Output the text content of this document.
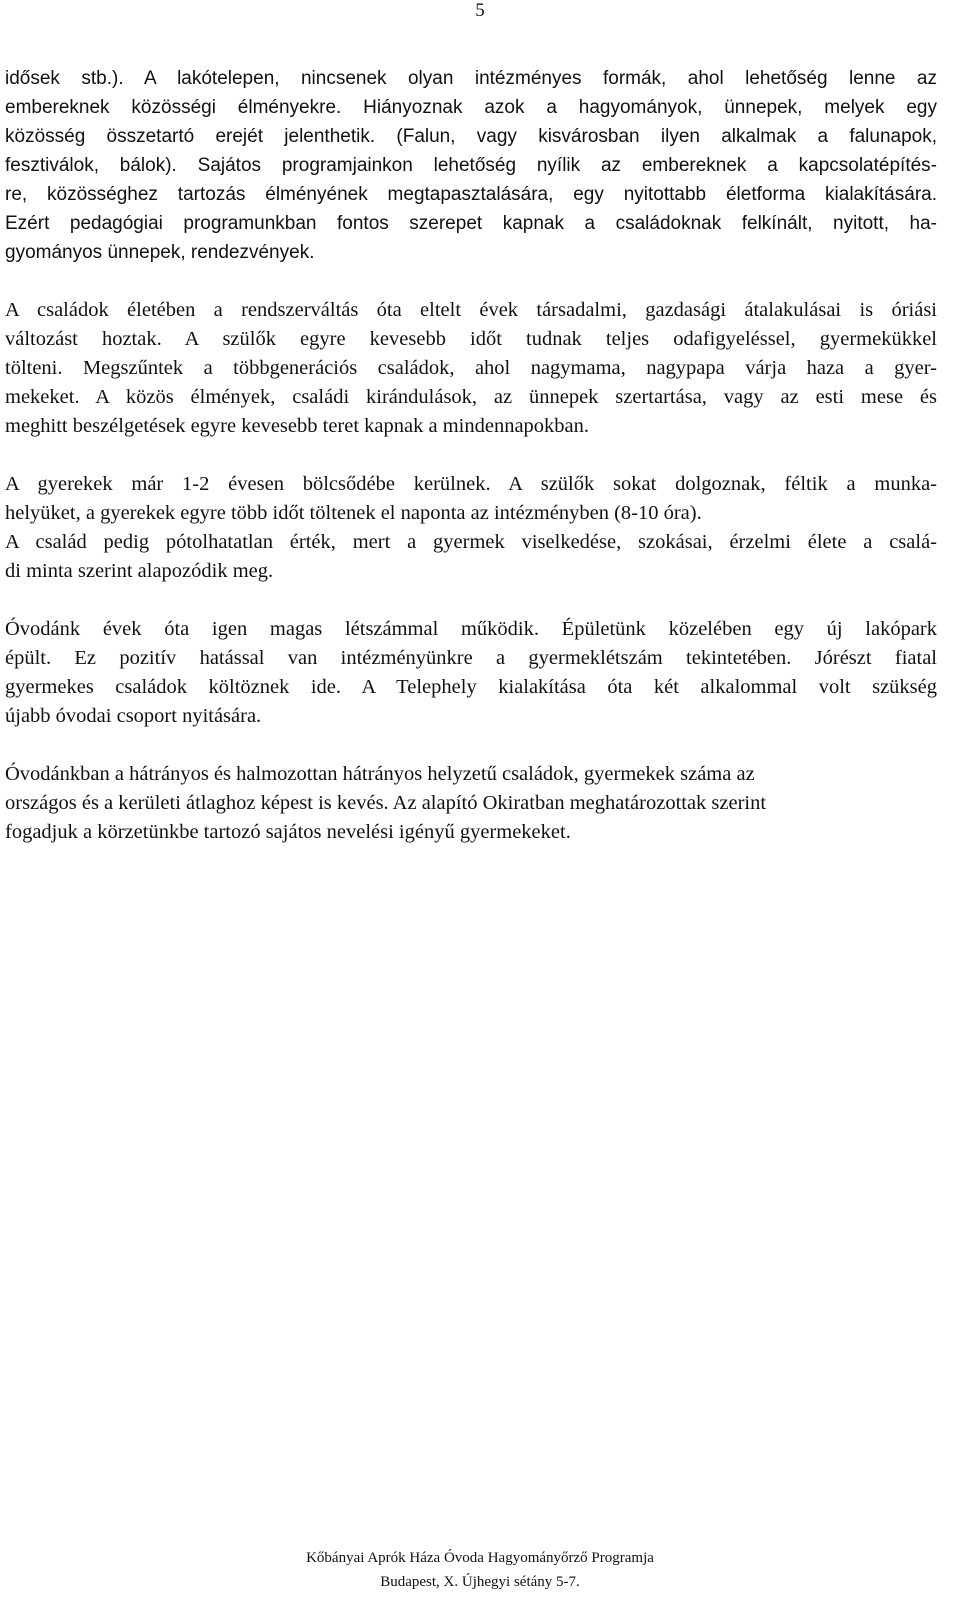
5
idősek stb.). A lakótelepen, nincsenek olyan intézményes formák, ahol lehetőség lenne az
embereknek közösségi élményekre. Hiányoznak azok a hagyományok, ünnepek, melyek egy
közösség összetartó erejét jelenthetik. (Falun, vagy kisvárosban ilyen alkalmak a falunapok,
fesztiválok, bálok). Sajátos programjainkon lehetőség nyílik az embereknek a kapcsolatépítés-
re, közösséghez tartozás élményének megtapasztalására, egy nyitottabb életforma kialakítására.
Ezért pedagógiai programunkban fontos szerepet kapnak a családoknak felkínált, nyitott, ha-
gyományos ünnepek, rendezvények.
A családok életében a rendszerváltás óta eltelt évek társadalmi, gazdasági átalakulásai is óriási
változást hoztak. A szülők egyre kevesebb időt tudnak teljes odafigyeléssel, gyermekükkel
tölteni. Megszűntek a többgenerációs családok, ahol nagymama, nagypapa várja haza a gyer-
mekeket. A közös élmények, családi kirándulások, az ünnepek szertartása, vagy az esti mese és
meghitt beszélgetések egyre kevesebb teret kapnak a mindennapokban.
A gyerekek már 1-2 évesen bölcsődébe kerülnek. A szülők sokat dolgoznak, féltik a munka-
helyüket, a gyerekek egyre több időt töltenek el naponta az intézményben (8-10 óra).
A család pedig pótolhatatlan érték, mert a gyermek viselkedése, szokásai, érzelmi élete a csalá-
di minta szerint alapozódik meg.
Óvodánk évek óta igen magas létszámmal működik. Épületünk közelében egy új lakópark
épült. Ez pozitív hatással van intézményünkre a gyermeklétszám tekintetében. Jórészt fiatal
gyermekes családok költöznek ide. A Telephely kialakítása óta két alkalommal volt szükség
újabb óvodai csoport nyitására.
Óvodánkban a hátrányos és halmozottan hátrányos helyzetű családok, gyermekek száma az
országos és a kerületi átlaghoz képest is kevés. Az alapító Okiratban meghatározottak szerint
fogadjuk a körzetünkbe tartozó sajátos nevelési igényű gyermekeket.
Kőbányai Aprók Háza Óvoda Hagyományőrző Programja
Budapest, X. Újhegyi sétány 5-7.
